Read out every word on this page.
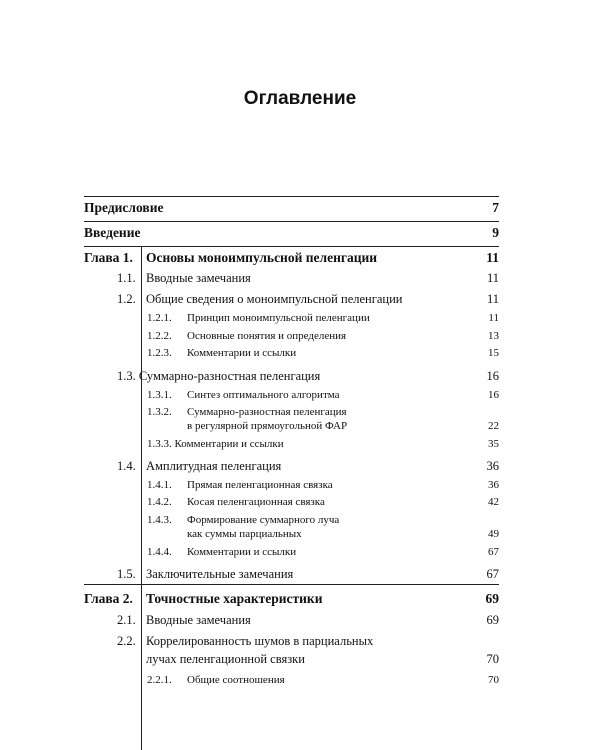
Оглавление
Предисловие	7
Введение	9
Глава 1. Основы моноимпульсной пеленгации	11
1.1. Вводные замечания	11
1.2. Общие сведения о моноимпульсной пеленгации	11
1.2.1.	Принцип моноимпульсной пеленгации	11
1.2.2.	Основные понятия и определения	13
1.2.3.	Комментарии и ссылки	15
1.3. Суммарно-разностная пеленгация	16
1.3.1.	Синтез оптимального алгоритма	16
1.3.2.	Суммарно-разностная пеленгация
в регулярной прямоугольной ФАР	22
1.3.3. Комментарии и ссылки	35
1.4. Амплитудная пеленгация	36
1.4.1.	Прямая пеленгационная связка	36
1.4.2.	Косая пеленгационная связка	42
1.4.3.	Формирование суммарного луча
как суммы парциальных	49
1.4.4.	Комментарии и ссылки	67
1.5. Заключительные замечания	67
Глава 2. Точностные характеристики	69
2.1. Вводные замечания	69
2.2. Коррелированность шумов в парциальных
лучах пеленгационной связки	70
2.2.1.	Общие соотношения	70
